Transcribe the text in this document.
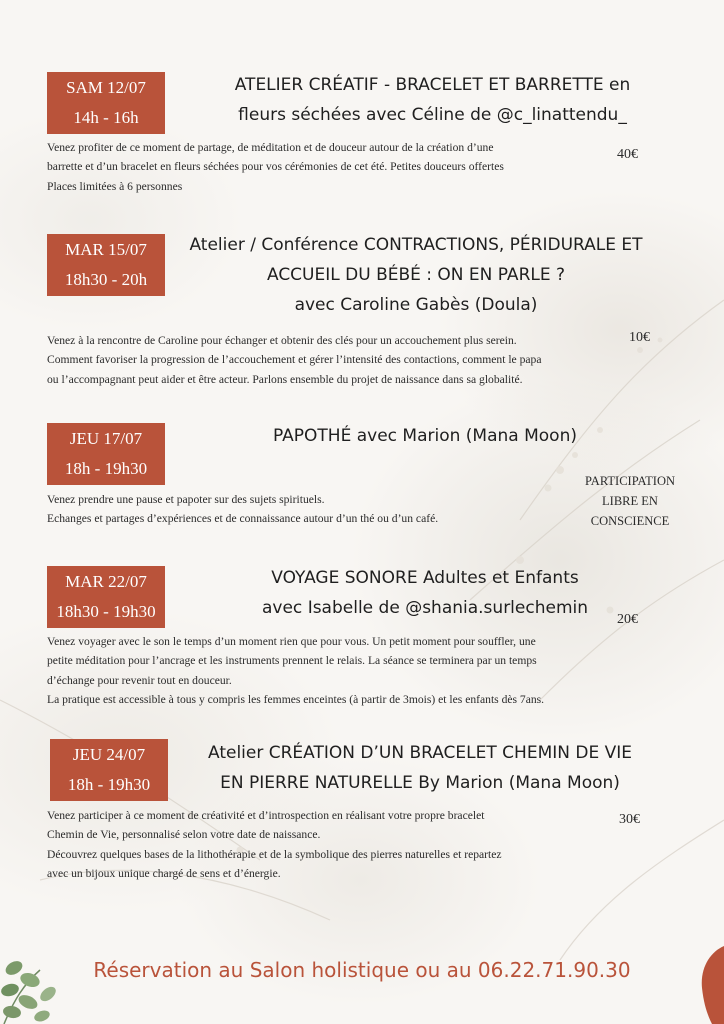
SAM 12/07
14h - 16h
ATELIER CRÉATIF - BRACELET ET BARRETTE en
fleurs séchées avec Céline de @c_linattendu_
Venez profiter de ce moment de partage, de méditation et de douceur autour de la création d’une
barrette et d’un bracelet en fleurs séchées pour vos cérémonies de cet été. Petites douceurs offertes
Places limitées à 6 personnes
40€
MAR 15/07
18h30 - 20h
Atelier / Conférence CONTRACTIONS, PÉRIDURALE ET
ACCUEIL DU BÉBÉ : ON EN PARLE ?
avec Caroline Gabès (Doula)
Venez à la rencontre de Caroline pour échanger et obtenir des clés pour un accouchement plus serein.
Comment favoriser la progression de l’accouchement et gérer l’intensité des contactions, comment le papa
ou l’accompagnant peut aider et être acteur. Parlons ensemble du projet de naissance dans sa globalité.
10€
JEU 17/07
18h - 19h30
PAPOTHÉ avec Marion (Mana Moon)
Venez prendre une pause et papoter sur des sujets spirituels.
Echanges et partages d’expériences et de connaissance autour d’un thé ou d’un café.
PARTICIPATION
LIBRE EN
CONSCIENCE
MAR 22/07
18h30 - 19h30
VOYAGE SONORE Adultes et Enfants
avec Isabelle de @shania.surlechemin
Venez voyager avec le son le temps d’un moment rien que pour vous. Un petit moment pour souffler, une
petite méditation pour l’ancrage et les instruments prennent le relais. La séance se terminera par un temps
d’échange pour revenir tout en douceur.
La pratique est accessible à tous y compris les femmes enceintes (à partir de 3mois) et les enfants dès 7ans.
20€
JEU 24/07
18h - 19h30
Atelier CRÉATION D’UN BRACELET CHEMIN DE VIE
EN PIERRE NATURELLE By Marion (Mana Moon)
Venez participer à ce moment de créativité et d’introspection en réalisant votre propre bracelet
Chemin de Vie, personnalisé selon votre date de naissance.
Découvrez quelques bases de la lithothérapie et de la symbolique des pierres naturelles et repartez
avec un bijoux unique chargé de sens et d’énergie.
30€
Réservation au Salon holistique ou au 06.22.71.90.30
